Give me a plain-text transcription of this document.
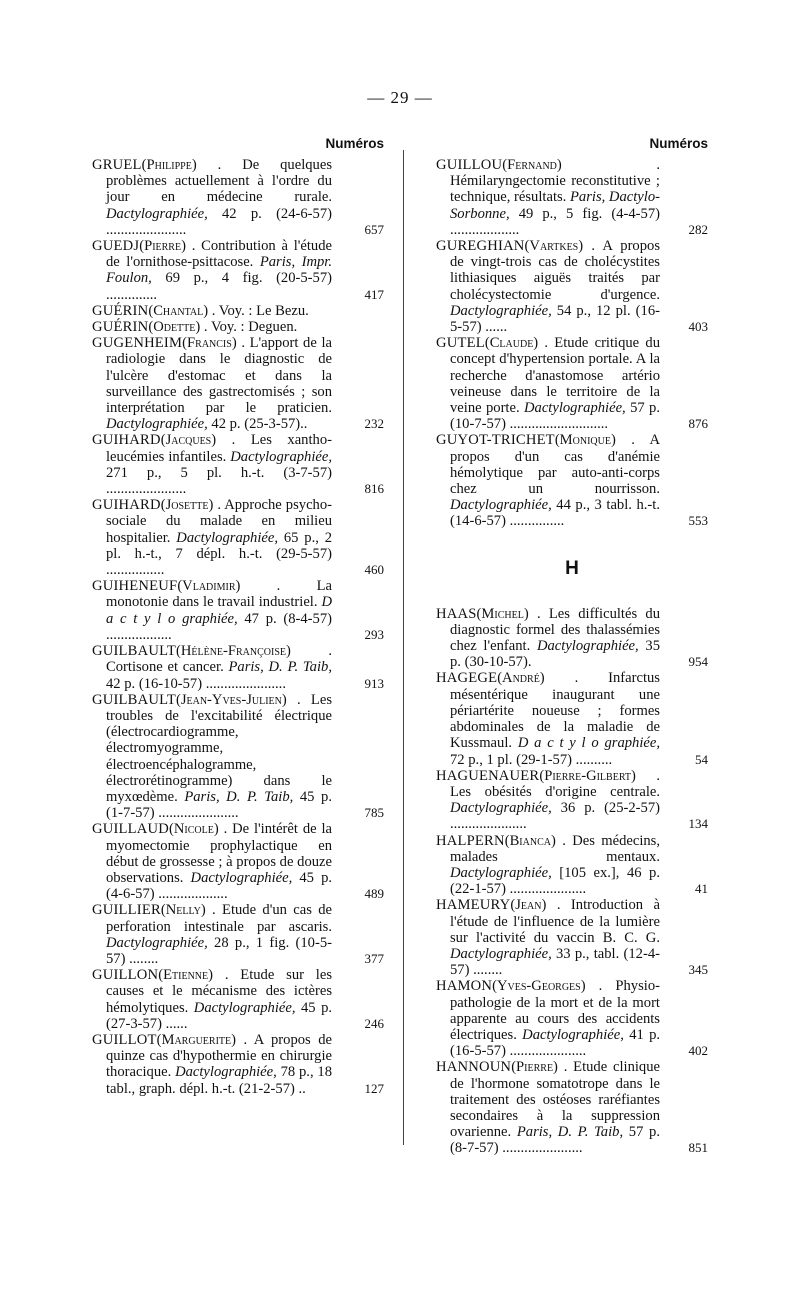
— 29 —
Numéros
GRUEL(Philippe) . De quelques problèmes actuellement à l'ordre du jour en médecine rurale. Dactylographiée, 42 p. (24-6-57) ......................	657
GUEDJ(Pierre) . Contribution à l'étude de l'ornithose-psittacose. Paris, Impr. Foulon, 69 p., 4 fig. (20-5-57) ..............	417
GUÉRIN(Chantal) . Voy. : Le Bezu.
GUÉRIN(Odette) . Voy. : Deguen.
GUGENHEIM(Francis) . L'apport de la radiologie dans le diagnostic de l'ulcère d'estomac et dans la surveillance des gastrectomisés ; son interprétation par le praticien. Dactylographiée, 42 p. (25-3-57)..	232
GUIHARD(Jacques) . Les xantho-leucémies infantiles. Dactylographiée, 271 p., 5 pl. h.-t. (3-7-57) ......................	816
GUIHARD(Josette) . Approche psycho-sociale du malade en milieu hospitalier. Dactylographiée, 65 p., 2 pl. h.-t., 7 dépl. h.-t. (29-5-57) ................	460
GUIHENEUF(Vladimir) . La monotonie dans le travail industriel. D a c t y l o graphiée, 47 p. (8-4-57) ..................	293
GUILBAULT(Hélène-Françoise)	. Cortisone et cancer. Paris, D. P. Taib, 42 p. (16-10-57) ......................	913
GUILBAULT(Jean-Yves-Julien) . Les troubles de l'excitabilité électrique (électrocardiogramme, électromyogramme, électroencéphalogramme, électrorétinogramme) dans le myxœdème. Paris, D. P. Taib, 45 p. (1-7-57) ......................	785
GUILLAUD(Nicole) . De l'intérêt de la myomectomie prophylactique en début de grossesse ; à propos de douze observations. Dactylographiée, 45 p. (4-6-57) ...................	489
GUILLIER(Nelly) . Etude d'un cas de perforation intestinale par ascaris. Dactylographiée, 28 p., 1 fig. (10-5-57) ........	377
GUILLON(Etienne) . Etude sur les causes et le mécanisme des ictères hémolytiques. Dactylographiée, 45 p. (27-3-57) ......	246
GUILLOT(Marguerite) . A propos de quinze cas d'hypothermie en chirurgie thoracique. Dactylographiée, 78 p., 18 tabl., graph. dépl. h.-t. (21-2-57) ..	127
Numéros
GUILLOU(Fernand)	. Hémilaryngectomie reconstitutive ; technique, résultats. Paris, Dactylo-Sorbonne, 49 p., 5 fig. (4-4-57) ...................	282
GUREGHIAN(Vartkes) . A propos de vingt-trois cas de cholécystites lithiasiques aiguës traités par cholécystectomie d'urgence. Dactylographiée, 54 p., 12 pl. (16-5-57) ......	403
GUTEL(Claude) . Etude critique du concept d'hypertension portale. A la recherche d'anastomose artério veineuse dans le territoire de la veine porte. Dactylographiée, 57 p. (10-7-57) ...........................	876
GUYOT-TRICHET(Monique) . A propos d'un cas d'anémie hémolytique par auto-anti-corps chez un nourrisson. Dactylographiée, 44 p., 3 tabl. h.-t. (14-6-57) ...............	553
H
HAAS(Michel) . Les difficultés du diagnostic formel des thalassémies chez l'enfant. Dactylographiée, 35 p. (30-10-57).	954
HAGEGE(André) . Infarctus mésentérique inaugurant une périartérite noueuse ; formes abdominales de la maladie de Kussmaul. D a c t y l o graphiée, 72 p., 1 pl. (29-1-57) ..........	54
HAGUENAUER(Pierre-Gilbert) . Les obésités d'origine centrale. Dactylographiée, 36 p. (25-2-57) .....................	134
HALPERN(Bianca) . Des médecins, malades mentaux. Dactylographiée, [105 ex.], 46 p. (22-1-57) .....................	41
HAMEURY(Jean) . Introduction à l'étude de l'influence de la lumière sur l'activité du vaccin B. C. G. Dactylographiée, 33 p., tabl. (12-4-57) ........	345
HAMON(Yves-Georges) . Physio-pathologie de la mort et de la mort apparente au cours des accidents électriques. Dactylographiée, 41 p. (16-5-57) .....................	402
HANNOUN(Pierre) . Etude clinique de l'hormone somatotrope dans le traitement des ostéoses raréfiantes secondaires à la suppression ovarienne. Paris, D. P. Taib, 57 p. (8-7-57) ......................	851
